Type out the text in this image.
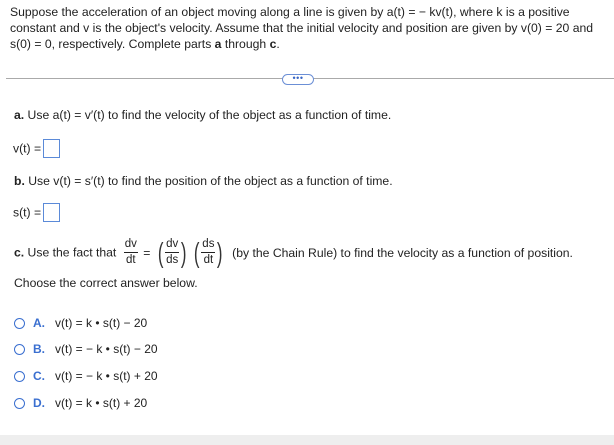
Suppose the acceleration of an object moving along a line is given by a(t) = − kv(t), where k is a positive constant and v is the object's velocity. Assume that the initial velocity and position are given by v(0) = 20 and s(0) = 0, respectively. Complete parts a through c.
•••
a. Use a(t) = v′(t) to find the velocity of the object as a function of time.
v(t) =
b. Use v(t) = s′(t) to find the position of the object as a function of time.
s(t) =
c. Use the fact that $\frac{dv}{dt}$ = ( $\frac{dv}{ds}$ )
( $\frac{ds}{dt}$ ) (by the Chain Rule) to find the velocity as a function of position.
Choose the correct answer below.
A. v(t) = k • s(t) − 20
B. v(t) = − k • s(t) − 20
C. v(t) = − k • s(t) + 20
D. v(t) = k • s(t) + 20
